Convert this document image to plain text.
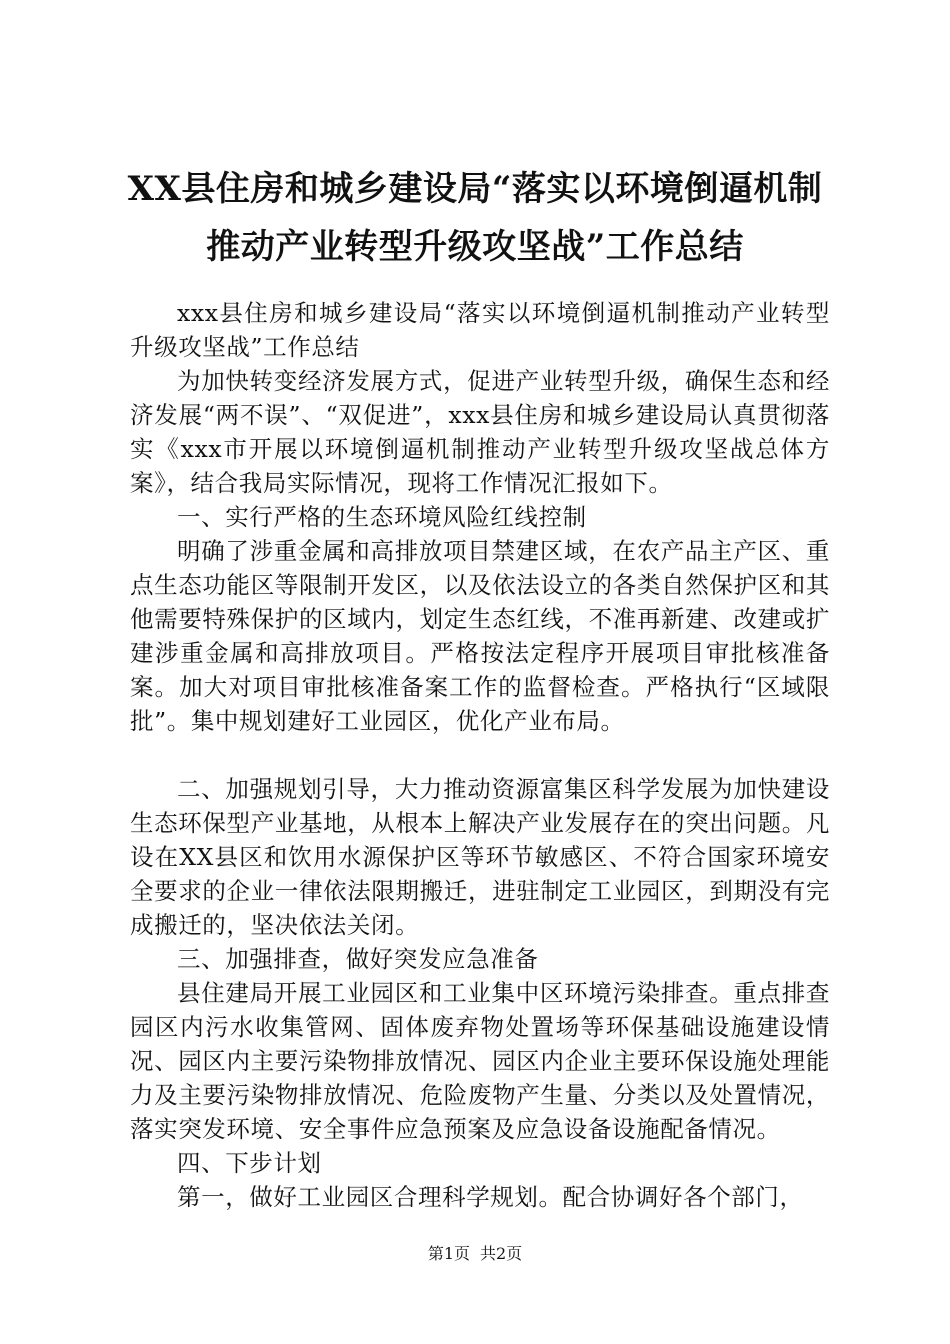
XX县住房和城乡建设局“落实以环境倒逼机制推动产业转型升级攻坚战”工作总结

xxx县住房和城乡建设局“落实以环境倒逼机制推动产业转型升级攻坚战”工作总结

为加快转变经济发展方式，促进产业转型升级，确保生态和经济发展“两不误”、“双促进”，xxx县住房和城乡建设局认真贯彻落实《xxx市开展以环境倒逼机制推动产业转型升级攻坚战总体方案》，结合我局实际情况，现将工作情况汇报如下。

一、实行严格的生态环境风险红线控制

明确了涉重金属和高排放项目禁建区域，在农产品主产区、重点生态功能区等限制开发区，以及依法设立的各类自然保护区和其他需要特殊保护的区域内，划定生态红线，不准再新建、改建或扩建涉重金属和高排放项目。严格按法定程序开展项目审批核准备案。加大对项目审批核准备案工作的监督检查。严格执行“区域限批”。集中规划建好工业园区，优化产业布局。

二、加强规划引导，大力推动资源富集区科学发展为加快建设生态环保型产业基地，从根本上解决产业发展存在的突出问题。凡设在XX县区和饮用水源保护区等环节敏感区、不符合国家环境安全要求的企业一律依法限期搬迁，进驻制定工业园区，到期没有完成搬迁的，坚决依法关闭。

三、加强排查，做好突发应急准备

县住建局开展工业园区和工业集中区环境污染排查。重点排查园区内污水收集管网、固体废弃物处置场等环保基础设施建设情况、园区内主要污染物排放情况、园区内企业主要环保设施处理能力及主要污染物排放情况、危险废物产生量、分类以及处置情况，落实突发环境、安全事件应急预案及应急设备设施配备情况。

四、下步计划

第一，做好工业园区合理科学规划。配合协调好各个部门，

第1页 共2页
